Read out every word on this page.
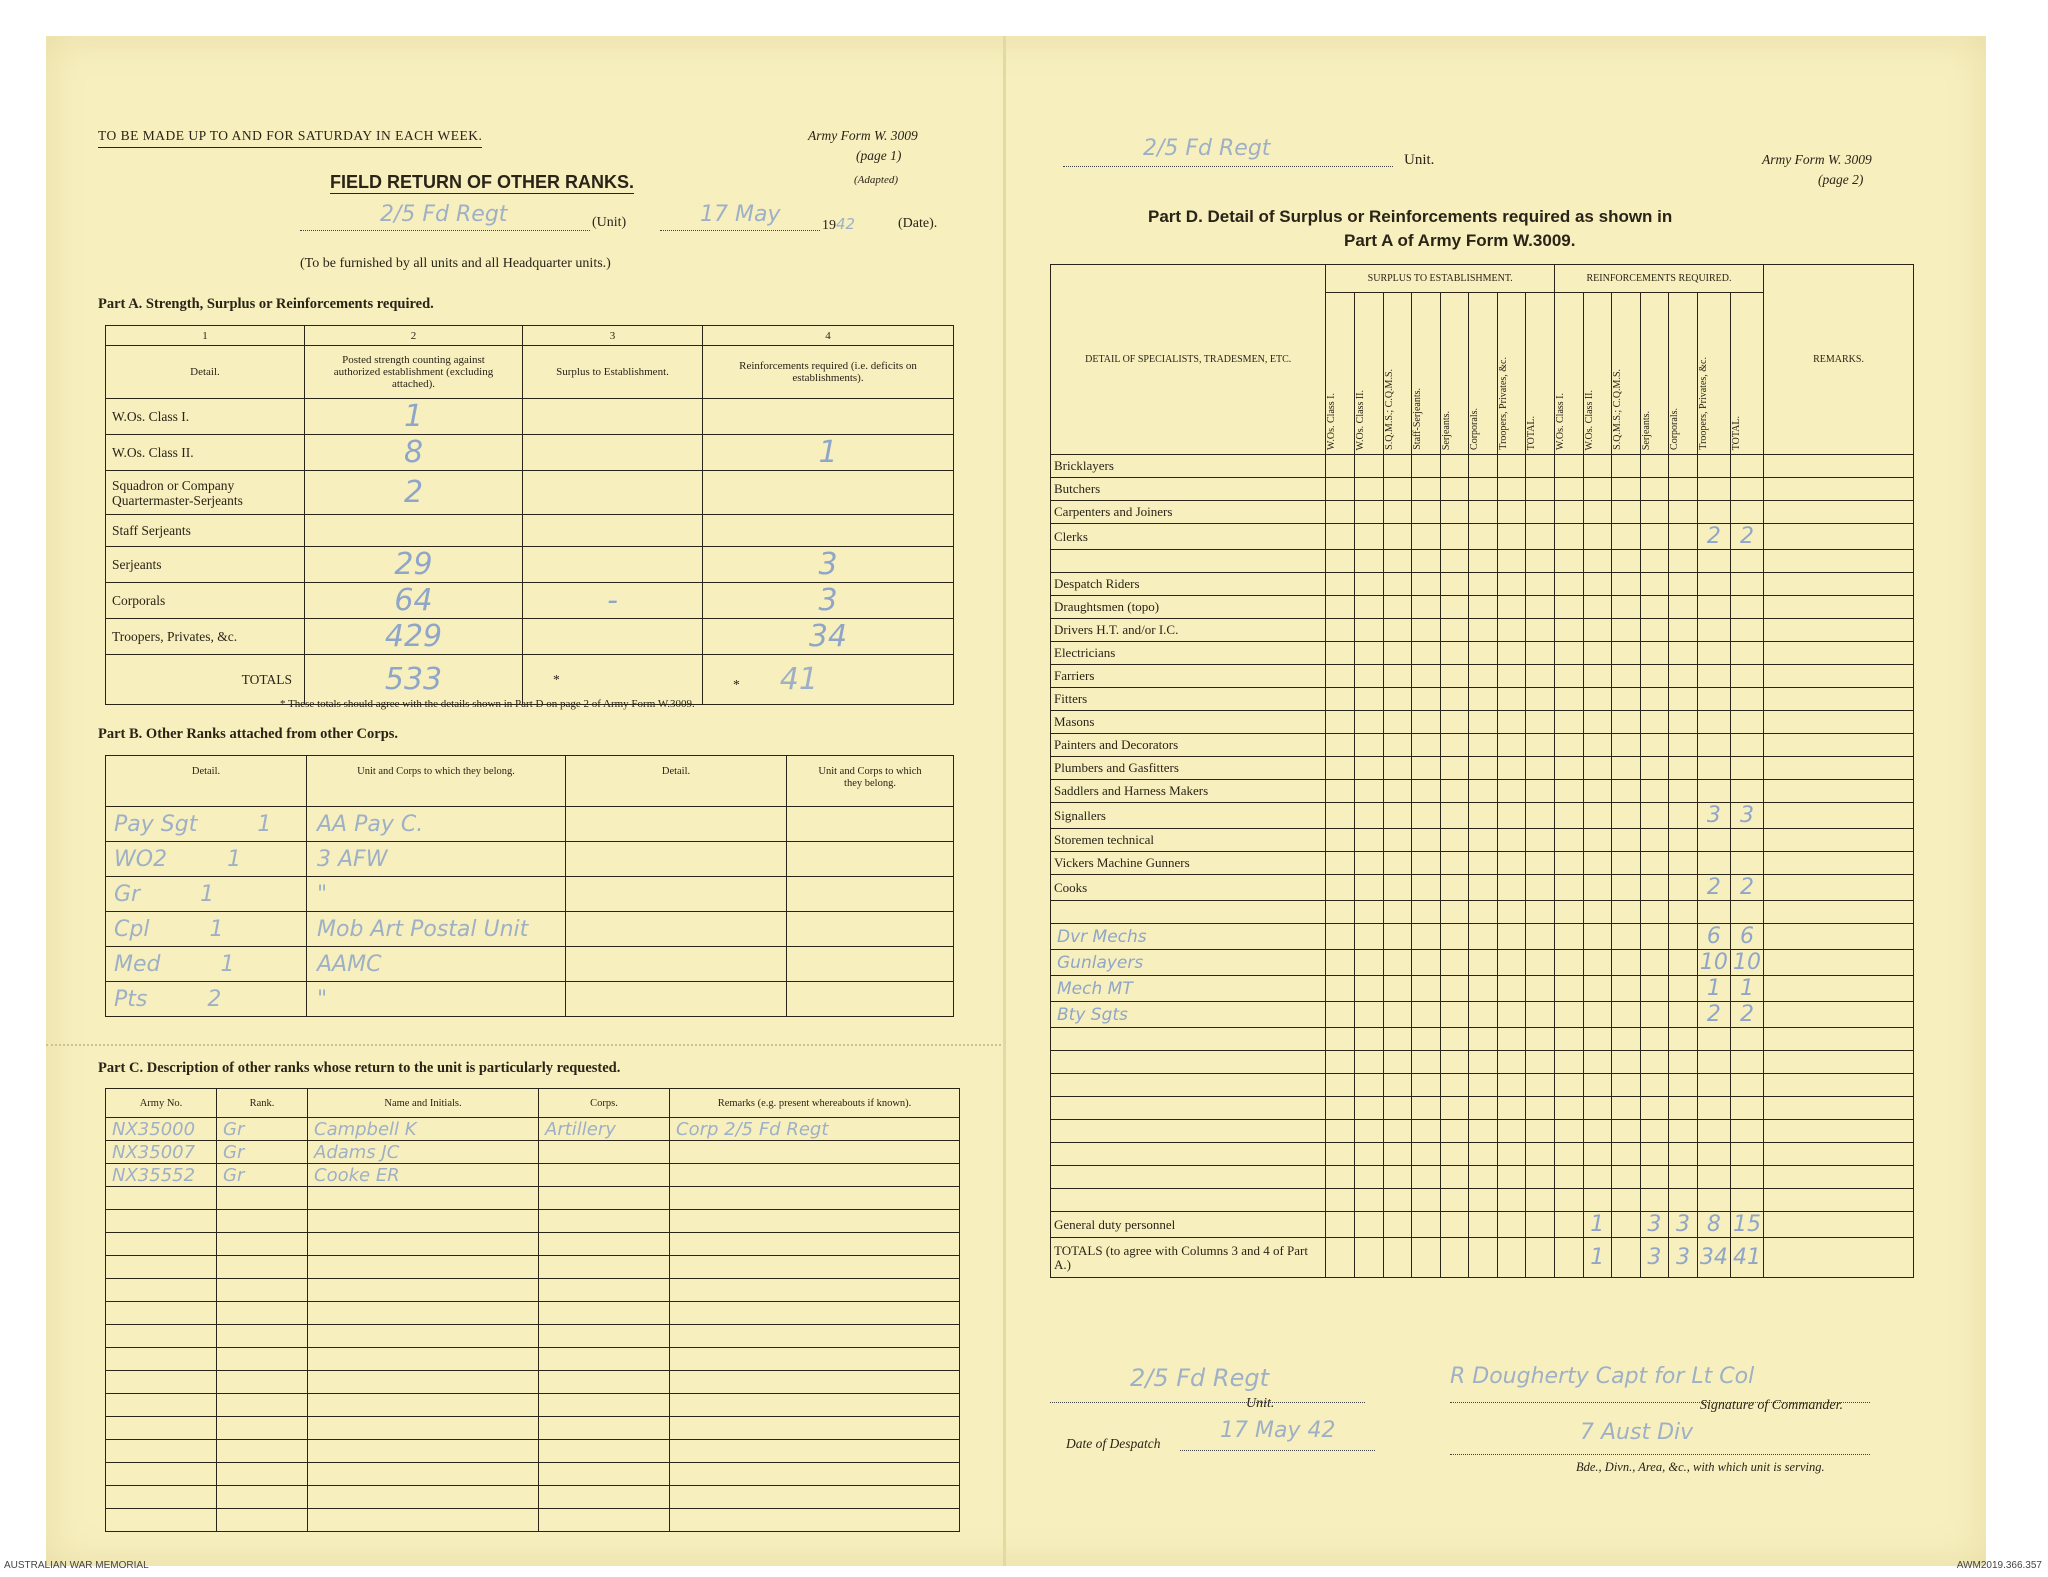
TO BE MADE UP TO AND FOR SATURDAY IN EACH WEEK.	Army Form W. 3009
(page 1)
(Adapted)
FIELD RETURN OF OTHER RANKS.
2/5 Fd Regt	(Unit)	17 May	1942	(Date).
(To be furnished by all units and all Headquarter units.)
Part A. Strength, Surplus or Reinforcements required.
1	2	3	4
Detail.	Posted strength counting against authorized establishment (excluding attached).	Surplus to Establishment.	Reinforcements required (i.e. deficits on establishments).
W.Os. Class I.	1		
W.Os. Class II.	8		1
Squadron or Company Quartermaster-Serjeants	2		
Staff Serjeants			
Serjeants	29		3
Corporals	64	-	3
Troopers, Privates, &c.	429		34
TOTALS	533	*	* 41
* These totals should agree with the details shown in Part D on page 2 of Army Form W.3009.
Part B. Other Ranks attached from other Corps.
Detail.	Unit and Corps to which they belong.	Detail.	Unit and Corps to which they belong.
Pay Sgt 1	AA Pay C.		
WO2 1	3 AFW		
Gr 1	"		
Cpl 1	Mob Art Postal Unit		
Med 1	AAMC		
Pts 2	"		
Part C. Description of other ranks whose return to the unit is particularly requested.
Army No.	Rank.	Name and Initials.	Corps.	Remarks (e.g. present whereabouts if known).
NX35000	Gr	Campbell K	Artillery	Corp 2/5 Fd Regt
NX35007	Gr	Adams JC		
NX35552	Gr	Cooke ER		

2/5 Fd Regt	Unit.	Army Form W. 3009
(page 2)
Part D. Detail of Surplus or Reinforcements required as shown in
Part A of Army Form W.3009.
DETAIL OF SPECIALISTS, TRADESMEN, ETC.	SURPLUS TO ESTABLISHMENT.								REINFORCEMENTS REQUIRED.							REMARKS.

	W.Os. Class I.	W.Os. Class II.	S.Q.M.S.; C.Q.M.S.	Staff-Serjeants.	Serjeants.	Corporals.	Troopers, Privates, &c.	TOTAL.	W.Os. Class I.	W.Os. Class II.	S.Q.M.S.; C.Q.M.S.	Serjeants.	Corporals.	Troopers, Privates, &c.	TOTAL.	

Bricklayers																
Butchers																
Carpenters and Joiners																
Clerks														2	2	

Despatch Riders																
Draughtsmen (topo)																
Drivers H.T. and/or I.C.																
Electricians																
Farriers																
Fitters																
Masons																
Painters and Decorators																
Plumbers and Gasfitters																
Saddlers and Harness Makers																
Signallers														3	3	
Storemen technical																
Vickers Machine Gunners																
Cooks														2	2	

Dvr Mechs														6	6	
Gunlayers														10	10	
Mech MT														1	1	
Bty Sgts														2	2	

General duty personnel										1		3	3	8	15	
TOTALS (to agree with Columns 3 and 4 of Part A.)										1		3	3	34	41	
2/5 Fd Regt
Unit.
R Dougherty Capt for Lt Col
Signature of Commander.
Date of Despatch
17 May 42	7 Aust Div
Bde., Divn., Area, &c., with which unit is serving.
AUSTRALIAN WAR MEMORIAL	AWM2019.366.357
